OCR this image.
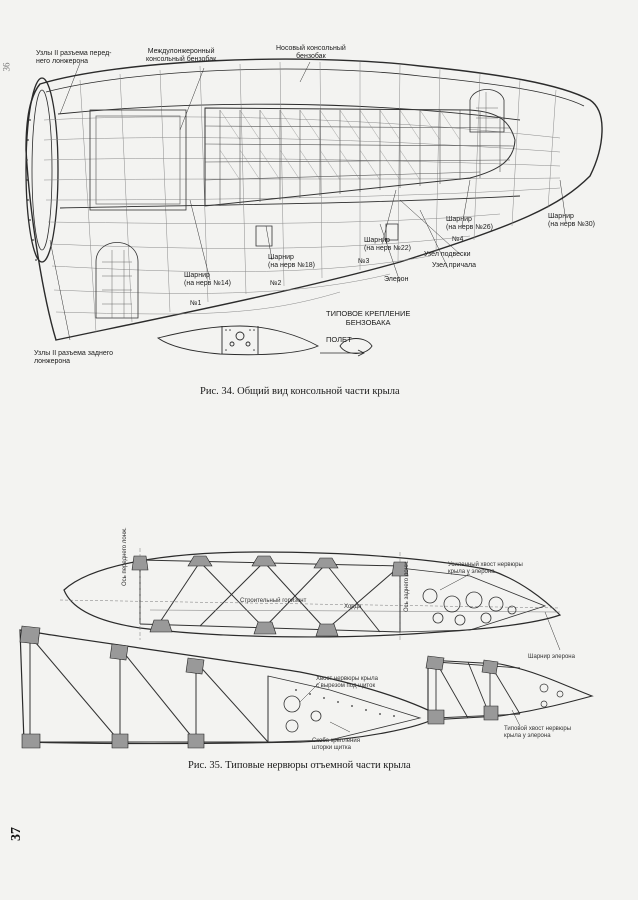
Узлы II разъема перед-
него лонжерона
Междулонжеронный
консольный бензобак
Носовый консольный
бензобак
Шарнир
(на нерв №30)
Шарнир
(на нерв №26)
№4
Шарнир
(на нерв №22)
Узел подвески
Шарнир
(на нерв №18)
№3
Узел причала
Шарнир
(на нерв №14)
Элерон
№2
№1
Узлы II разъема заднего
лонжерона
ТИПОВОЕ КРЕПЛЕНИЕ
БЕНЗОБАКА
ПОЛЕТ
Рис. 34. Общий вид консольной части крыла
Усиленный хвост нервюры
крыла у элерона
Строительный горизонт
Хорда
Ось переднего лонж.
Ось заднего лонж.
Шарнир элерона
Хвост нервюры крыла
с вырезом под щиток
Скоба крепления
шторки щитка
Типовой хвост нервюры
крыла у элерона
Рис. 35. Типовые нервюры отъемной части крыла
37
36
